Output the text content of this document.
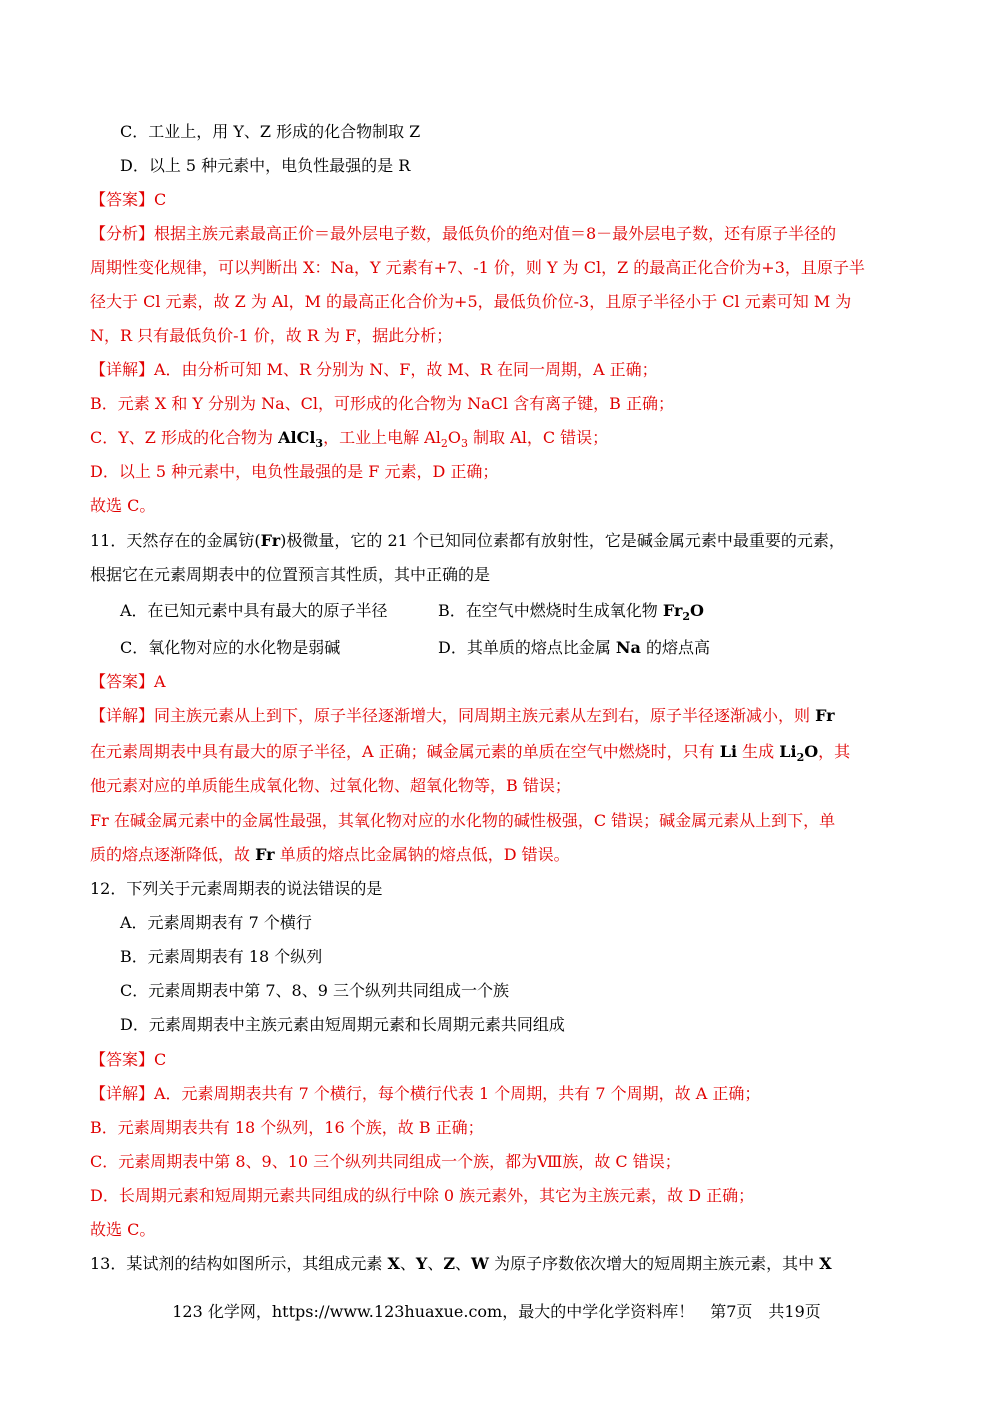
C．工业上，用 Y、Z 形成的化合物制取 Z
D．以上 5 种元素中，电负性最强的是 R
【答案】C
【分析】根据主族元素最高正价＝最外层电子数，最低负价的绝对值＝8－最外层电子数，还有原子半径的
周期性变化规律，可以判断出 X：Na，Y 元素有+7、-1 价，则 Y 为 Cl，Z 的最高正化合价为+3，且原子半
径大于 Cl 元素，故 Z 为 Al，M 的最高正化合价为+5，最低负价位-3，且原子半径小于 Cl 元素可知 M 为
N，R 只有最低负价-1 价，故 R 为 F，据此分析；
【详解】A．由分析可知 M、R 分别为 N、F，故 M、R 在同一周期，A 正确；
B．元素 X 和 Y 分别为 Na、Cl，可形成的化合物为 NaCl 含有离子键，B 正确；
C．Y、Z 形成的化合物为 AlCl$_3$，工业上电解 $Al_2O_3$ 制取 Al，C 错误；
D．以上 5 种元素中，电负性最强的是 F 元素，D 正确；
故选 C。
11．天然存在的金属钫(Fr)极微量，它的 21 个已知同位素都有放射性，它是碱金属元素中最重要的元素，
根据它在元素周期表中的位置预言其性质，其中正确的是
A．在已知元素中具有最大的原子半径	B．在空气中燃烧时生成氧化物 $Fr_2O$
C．氧化物对应的水化物是弱碱	D．其单质的熔点比金属 Na 的熔点高
【答案】A
【详解】同主族元素从上到下，原子半径逐渐增大，同周期主族元素从左到右，原子半径逐渐减小，则 Fr
在元素周期表中具有最大的原子半径，A 正确；碱金属元素的单质在空气中燃烧时，只有 Li 生成 $Li_2O$，其
他元素对应的单质能生成氧化物、过氧化物、超氧化物等，B 错误；
Fr 在碱金属元素中的金属性最强，其氧化物对应的水化物的碱性极强，C 错误；碱金属元素从上到下，单
质的熔点逐渐降低，故 Fr 单质的熔点比金属钠的熔点低，D 错误。
12．下列关于元素周期表的说法错误的是
A．元素周期表有 7 个横行
B．元素周期表有 18 个纵列
C．元素周期表中第 7、8、9 三个纵列共同组成一个族
D．元素周期表中主族元素由短周期元素和长周期元素共同组成
【答案】C
【详解】A．元素周期表共有 7 个横行，每个横行代表 1 个周期，共有 7 个周期，故 A 正确；
B．元素周期表共有 18 个纵列，16 个族，故 B 正确；
C．元素周期表中第 8、9、10 三个纵列共同组成一个族，都为Ⅷ族，故 C 错误；
D．长周期元素和短周期元素共同组成的纵行中除 0 族元素外，其它为主族元素，故 D 正确；
故选 C。
13．某试剂的结构如图所示，其组成元素 X、Y、Z、W 为原子序数依次增大的短周期主族元素，其中 X
123 化学网，https://www.123huaxue.com，最大的中学化学资料库！　第7页　共19页
